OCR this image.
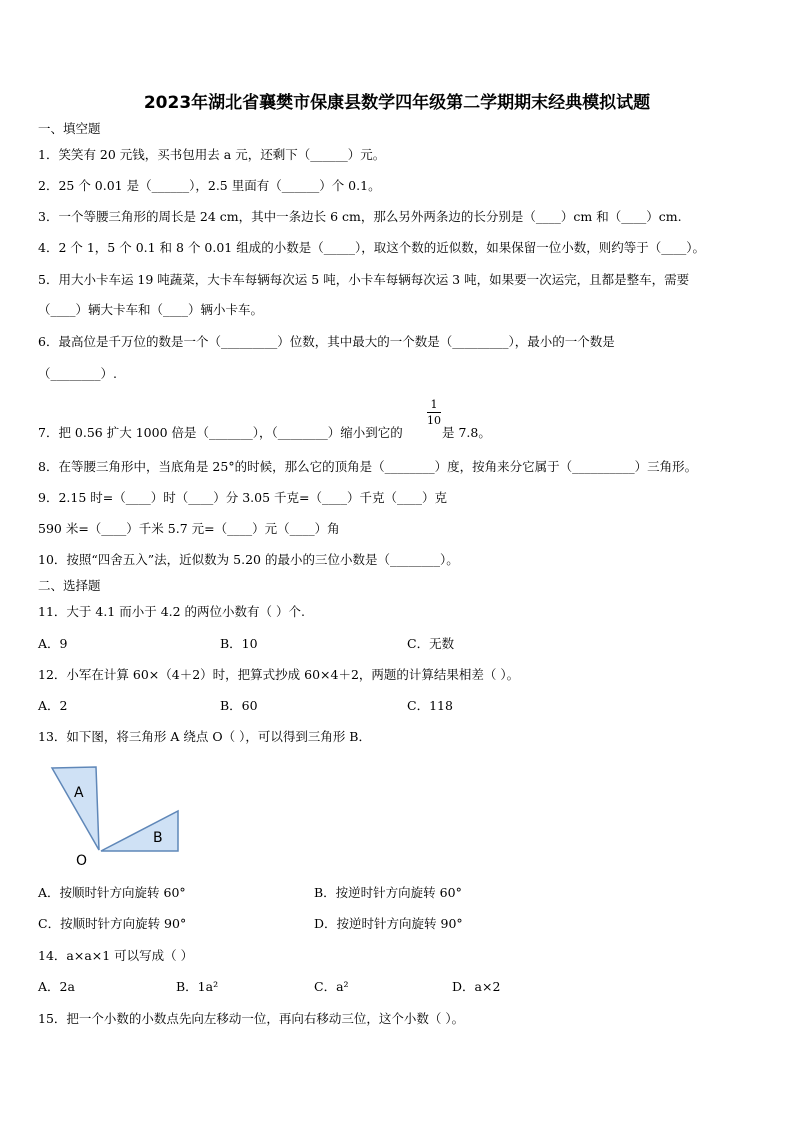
2023年湖北省襄樊市保康县数学四年级第二学期期末经典模拟试题
一、填空题
1．笑笑有 20 元钱，买书包用去 a 元，还剩下（______）元。
2．25 个 0.01 是（______），2.5 里面有（______）个 0.1。
3．一个等腰三角形的周长是 24 cm，其中一条边长 6 cm，那么另外两条边的长分别是（____）cm 和（____）cm.
4．2 个 1，5 个 0.1 和 8 个 0.01 组成的小数是（_____），取这个数的近似数，如果保留一位小数，则约等于（____）。
5．用大小卡车运 19 吨蔬菜，大卡车每辆每次运 5 吨，小卡车每辆每次运 3 吨，如果要一次运完，且都是整车，需要
（____）辆大卡车和（____）辆小卡车。
6．最高位是千万位的数是一个（_________）位数，其中最大的一个数是（_________），最小的一个数是
（________）.
7．把 0.56 扩大 1000 倍是（_______），（________）缩小到它的
1
10
是 7.8。
8．在等腰三角形中，当底角是 25°的时候，那么它的顶角是（________）度，按角来分它属于（__________）三角形。
9．2.15 时=（____）时（____）分 3.05 千克=（____）千克（____）克
590 米=（____）千米 5.7 元=（____）元（____）角
10．按照“四舍五入”法，近似数为 5.20 的最小的三位小数是（________）。
二、选择题
11．大于 4.1 而小于 4.2 的两位小数有（ ）个.
A．9	B．10	C．无数
12．小军在计算 60×（4＋2）时，把算式抄成 60×4＋2，两题的计算结果相差（ ）。
A．2	B．60	C．118
13．如下图，将三角形 A 绕点 O（ ），可以得到三角形 B．
A
B
O
A．按顺时针方向旋转 60°	B．按逆时针方向旋转 60°
C．按顺时针方向旋转 90°	D．按逆时针方向旋转 90°
14．a×a×1 可以写成（ ）
A．2a	B．1a²	C．a²	D．a×2
15．把一个小数的小数点先向左移动一位，再向右移动三位，这个小数（ ）。
